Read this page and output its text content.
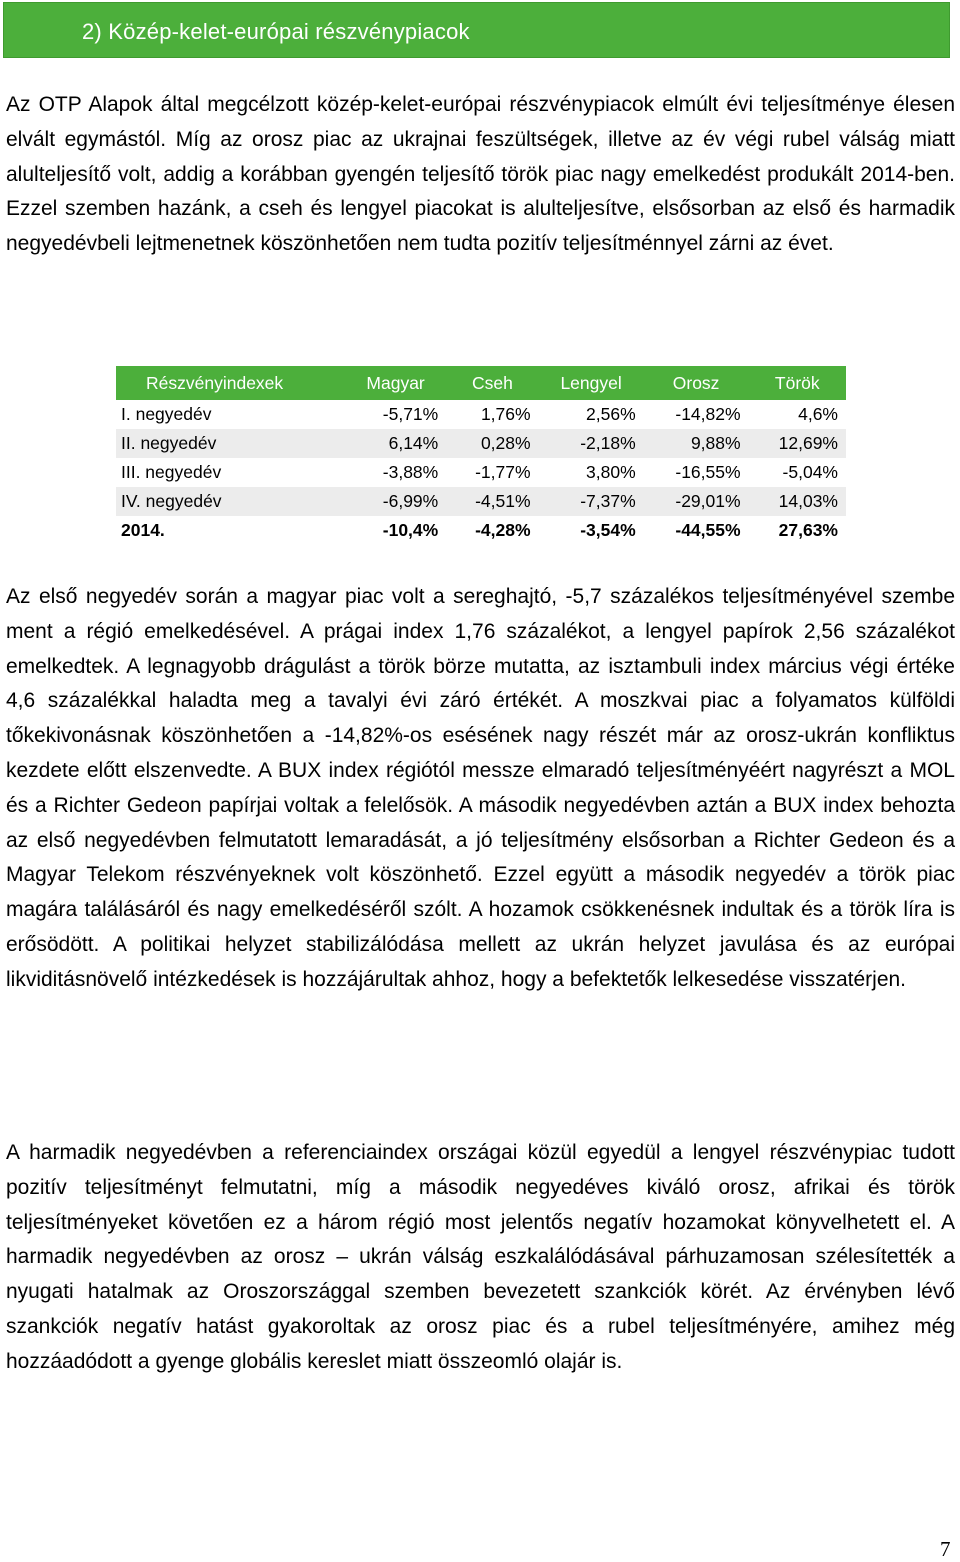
2) Közép-kelet-európai részvénypiacok

Az OTP Alapok által megcélzott közép-kelet-európai részvénypiacok elmúlt évi teljesítménye élesen elvált egymástól. Míg az orosz piac az ukrajnai feszültségek, illetve az év végi rubel válság miatt alulteljesítő volt, addig a korábban gyengén teljesítő török piac nagy emelkedést produkált 2014-ben. Ezzel szemben hazánk, a cseh és lengyel piacokat is alulteljesítve, elsősorban az első és harmadik negyedévbeli lejtmenetnek köszönhetően nem tudta pozitív teljesítménnyel zárni az évet.

Részvényindexek	Magyar	Cseh	Lengyel	Orosz	Török
I. negyedév	-5,71%	1,76%	2,56%	-14,82%	4,6%
II. negyedév	6,14%	0,28%	-2,18%	9,88%	12,69%
III. negyedév	-3,88%	-1,77%	3,80%	-16,55%	-5,04%
IV. negyedév	-6,99%	-4,51%	-7,37%	-29,01%	14,03%
2014.	-10,4%	-4,28%	-3,54%	-44,55%	27,63%

Az első negyedév során a magyar piac volt a sereghajtó, -5,7 százalékos teljesítményével szembe ment a régió emelkedésével. A prágai index 1,76 százalékot, a lengyel papírok 2,56 százalékot emelkedtek. A legnagyobb drágulást a török börze mutatta, az isztambuli index március végi értéke 4,6 százalékkal haladta meg a tavalyi évi záró értékét. A moszkvai piac a folyamatos külföldi tőkekivonásnak köszönhetően a -14,82%-os esésének nagy részét már az orosz-ukrán konfliktus kezdete előtt elszenvedte. A BUX index régiótól messze elmaradó teljesítményéért nagyrészt a MOL és a Richter Gedeon papírjai voltak a felelősök. A második negyedévben aztán a BUX index behozta az első negyedévben felmutatott lemaradását, a jó teljesítmény elsősorban a Richter Gedeon és a Magyar Telekom részvényeknek volt köszönhető. Ezzel együtt a második negyedév a török piac magára találásáról és nagy emelkedéséről szólt. A hozamok csökkenésnek indultak és a török líra is erősödött. A politikai helyzet stabilizálódása mellett az ukrán helyzet javulása és az európai likviditásnövelő intézkedések is hozzájárultak ahhoz, hogy a befektetők lelkesedése visszatérjen.

A harmadik negyedévben a referenciaindex országai közül egyedül a lengyel részvénypiac tudott pozitív teljesítményt felmutatni, míg a második negyedéves kiváló orosz, afrikai és török teljesítményeket követően ez a három régió most jelentős negatív hozamokat könyvelhetett el. A harmadik negyedévben az orosz – ukrán válság eszkalálódásával párhuzamosan szélesítették a nyugati hatalmak az Oroszországgal szemben bevezetett szankciók körét. Az érvényben lévő szankciók negatív hatást gyakoroltak az orosz piac és a rubel teljesítményére, amihez még hozzáadódott a gyenge globális kereslet miatt összeomló olajár is.

7
